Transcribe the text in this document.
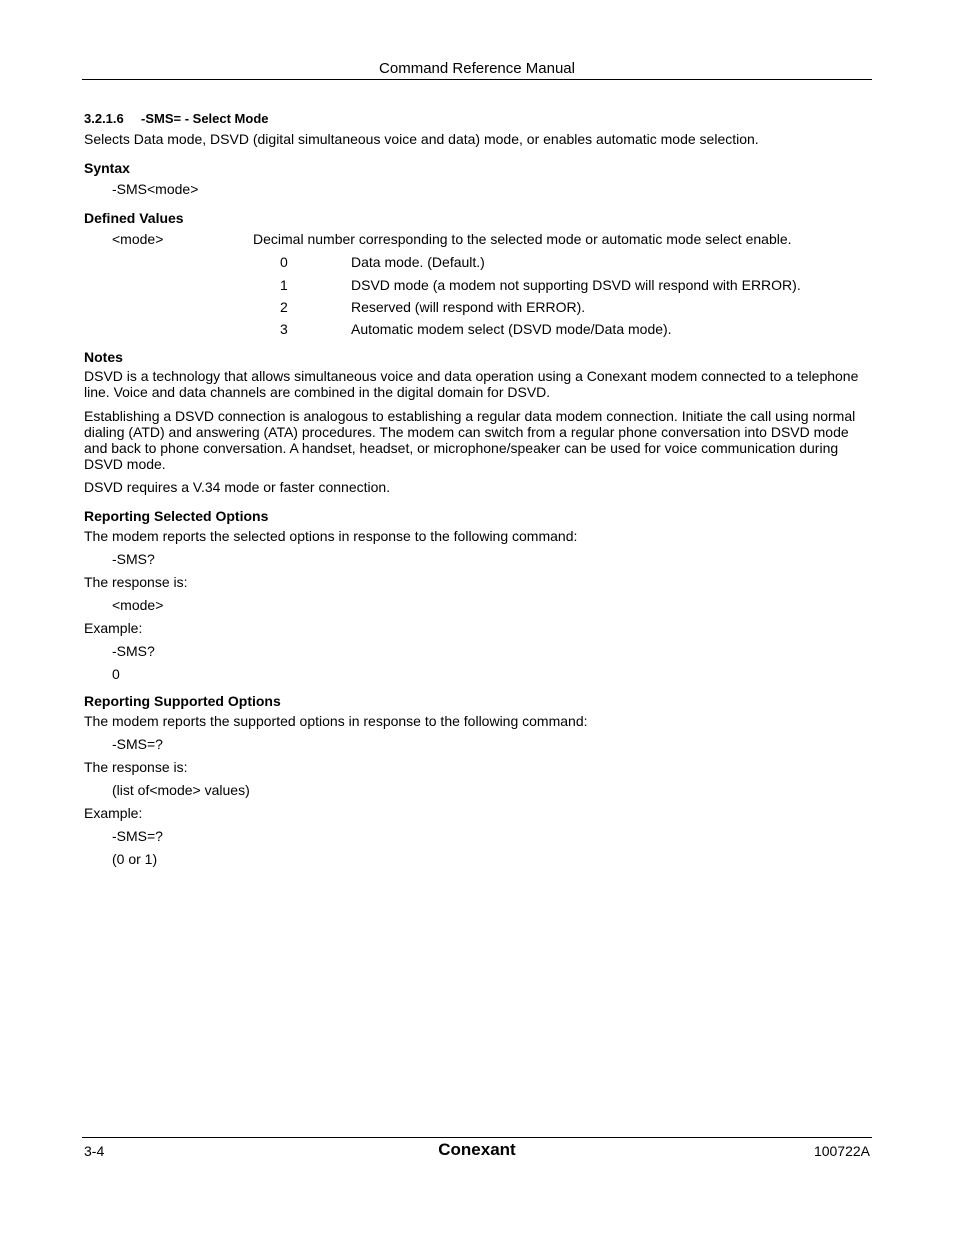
Command Reference Manual
3.2.1.6 -SMS= - Select Mode
Selects Data mode, DSVD (digital simultaneous voice and data) mode, or enables automatic mode selection.
Syntax
-SMS<mode>
Defined Values
<mode>	Decimal number corresponding to the selected mode or automatic mode select enable.
0	Data mode. (Default.)
1	DSVD mode (a modem not supporting DSVD will respond with ERROR).
2	Reserved (will respond with ERROR).
3	Automatic modem select (DSVD mode/Data mode).
Notes
DSVD is a technology that allows simultaneous voice and data operation using a Conexant modem connected to a telephone line. Voice and data channels are combined in the digital domain for DSVD.
Establishing a DSVD connection is analogous to establishing a regular data modem connection. Initiate the call using normal dialing (ATD) and answering (ATA) procedures. The modem can switch from a regular phone conversation into DSVD mode and back to phone conversation. A handset, headset, or microphone/speaker can be used for voice communication during DSVD mode.
DSVD requires a V.34 mode or faster connection.
Reporting Selected Options
The modem reports the selected options in response to the following command:
-SMS?
The response is:
<mode>
Example:
-SMS?
0
Reporting Supported Options
The modem reports the supported options in response to the following command:
-SMS=?
The response is:
(list of<mode> values)
Example:
-SMS=?
(0 or 1)
3-4	Conexant	100722A
